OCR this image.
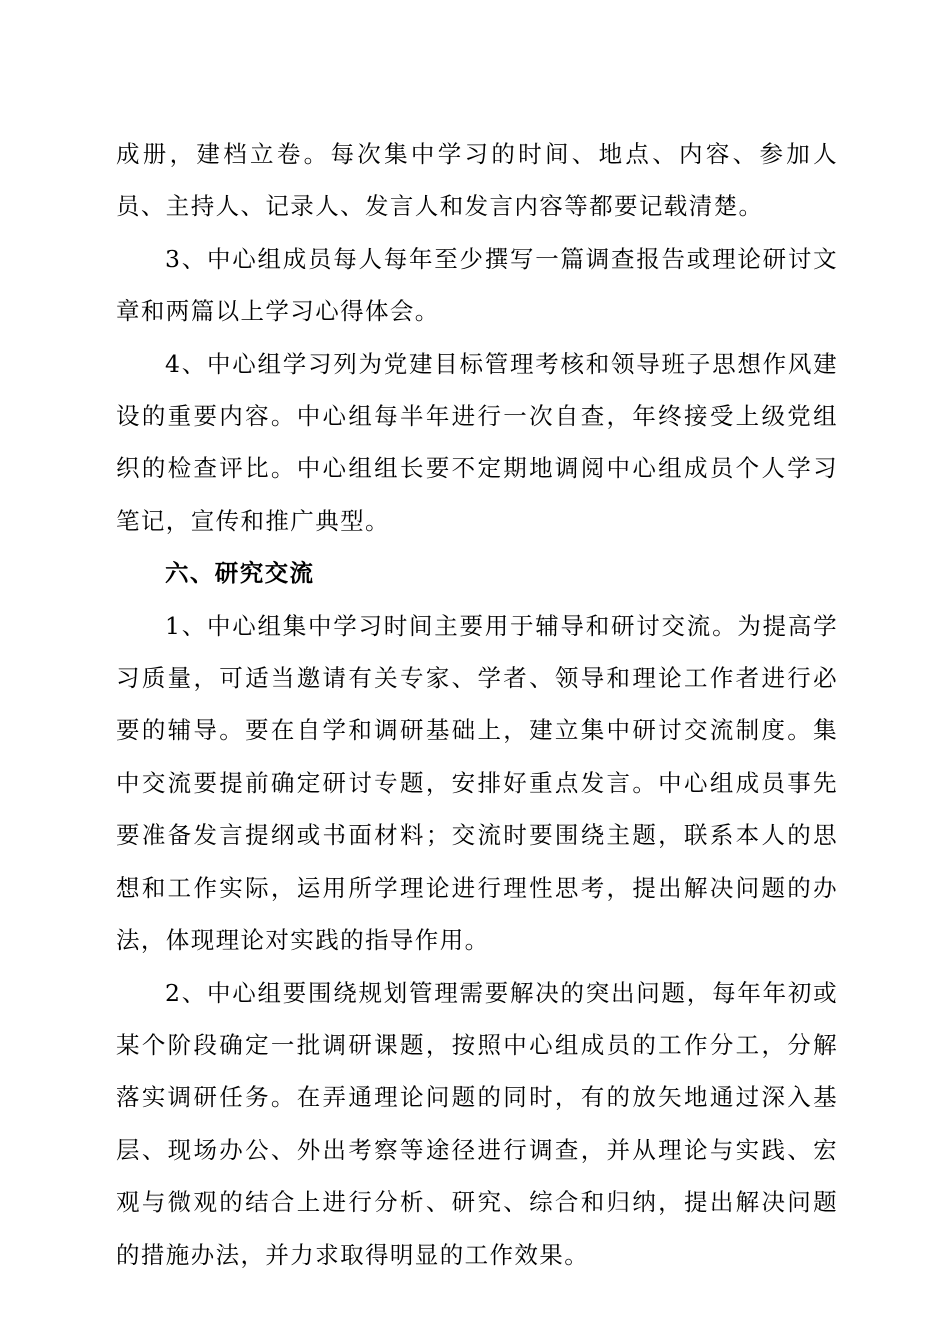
成册，建档立卷。每次集中学习的时间、地点、内容、参加人员、主持人、记录人、发言人和发言内容等都要记载清楚。

3、中心组成员每人每年至少撰写一篇调查报告或理论研讨文章和两篇以上学习心得体会。

4、中心组学习列为党建目标管理考核和领导班子思想作风建设的重要内容。中心组每半年进行一次自查，年终接受上级党组织的检查评比。中心组组长要不定期地调阅中心组成员个人学习笔记，宣传和推广典型。

六、研究交流

1、中心组集中学习时间主要用于辅导和研讨交流。为提高学习质量，可适当邀请有关专家、学者、领导和理论工作者进行必要的辅导。要在自学和调研基础上，建立集中研讨交流制度。集中交流要提前确定研讨专题，安排好重点发言。中心组成员事先要准备发言提纲或书面材料；交流时要围绕主题，联系本人的思想和工作实际，运用所学理论进行理性思考，提出解决问题的办法，体现理论对实践的指导作用。

2、中心组要围绕规划管理需要解决的突出问题，每年年初或某个阶段确定一批调研课题，按照中心组成员的工作分工，分解落实调研任务。在弄通理论问题的同时，有的放矢地通过深入基层、现场办公、外出考察等途径进行调查，并从理论与实践、宏观与微观的结合上进行分析、研究、综合和归纳，提出解决问题的措施办法，并力求取得明显的工作效果。
